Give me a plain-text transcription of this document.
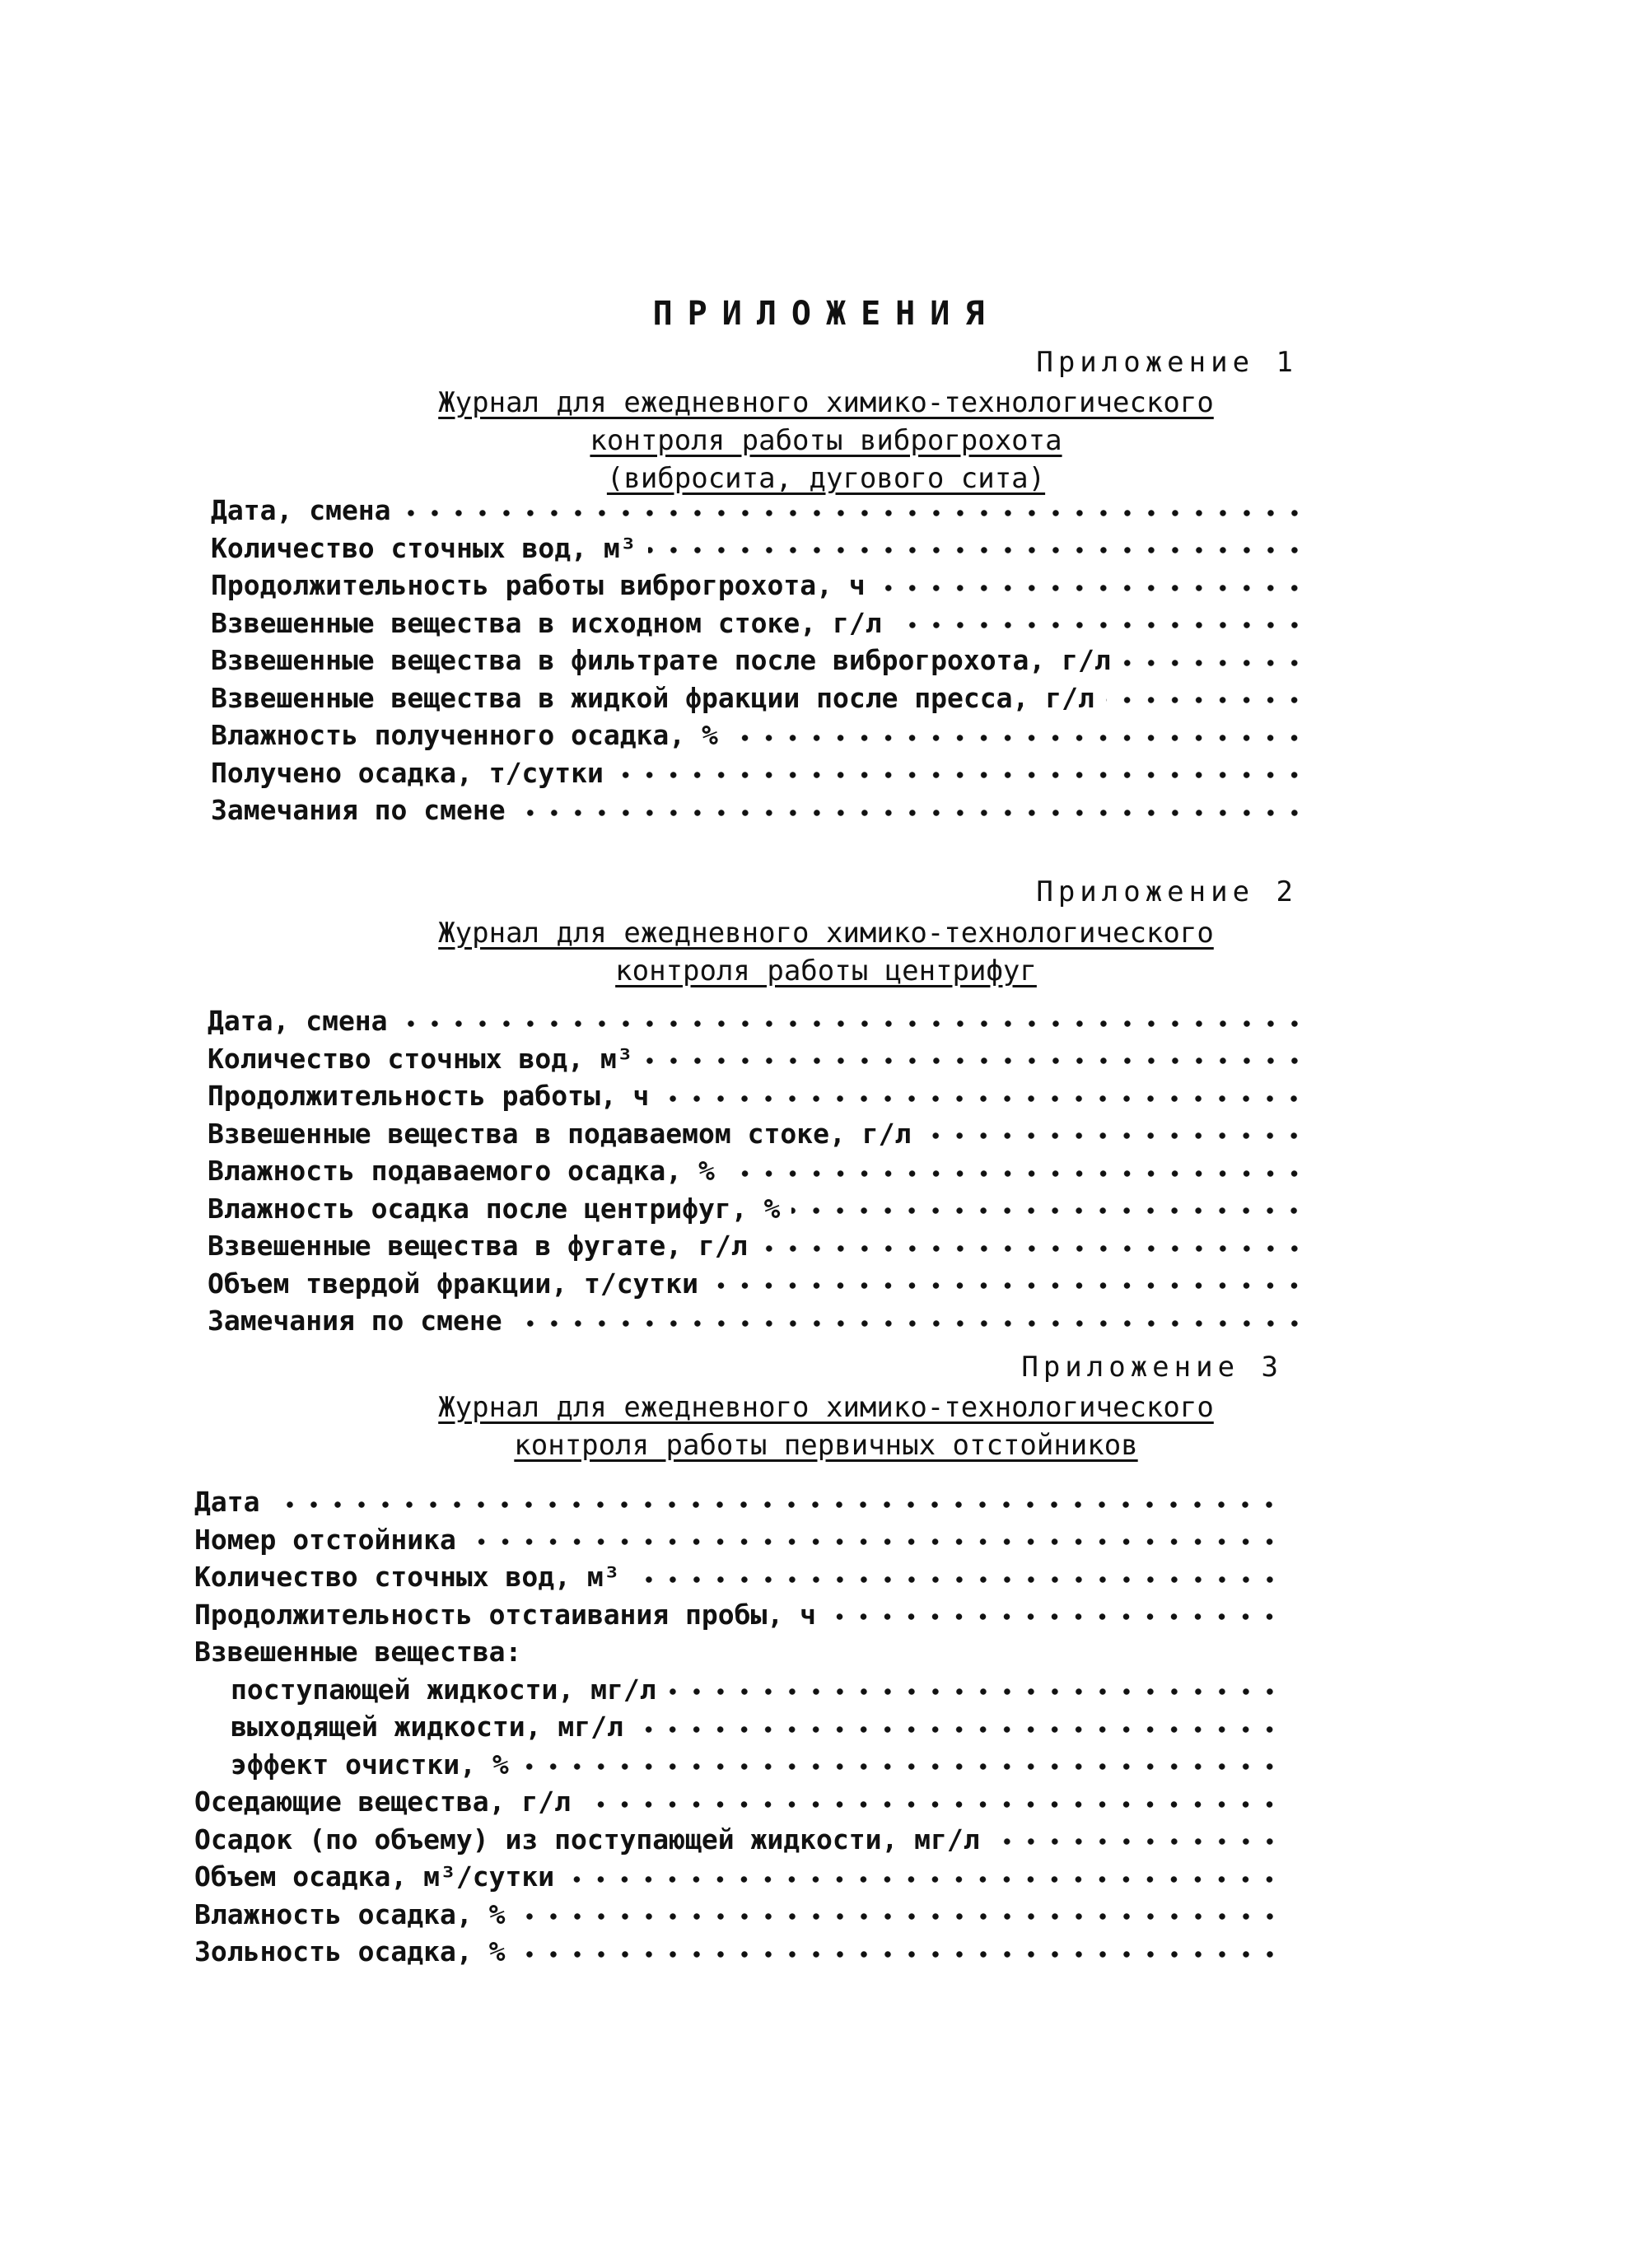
ПРИЛОЖЕНИЯ
Приложение 1
Журнал для ежедневного химико-технологического
контроля работы виброгрохота
(вибросита, дугового сита)
Дата, смена
Количество сточных вод, м³
Продолжительность работы виброгрохота, ч
Взвешенные вещества в исходном стоке, г/л
Взвешенные вещества в фильтрате после виброгрохота, г/л
Взвешенные вещества в жидкой фракции после пресса, г/л
Влажность полученного осадка, %
Получено осадка, т/сутки
Замечания по смене
Приложение 2
Журнал для ежедневного химико-технологического
контроля работы центрифуг
Дата, смена
Количество сточных вод, м³
Продолжительность работы, ч
Взвешенные вещества в подаваемом стоке, г/л
Влажность подаваемого осадка, %
Влажность осадка после центрифуг, %
Взвешенные вещества в фугате, г/л
Объем твердой фракции, т/сутки
Замечания по смене
Приложение 3
Журнал для ежедневного химико-технологического
контроля работы первичных отстойников
Дата
Номер отстойника
Количество сточных вод, м³
Продолжительность отстаивания пробы, ч
Взвешенные вещества:
поступающей жидкости, мг/л
выходящей жидкости, мг/л
эффект очистки, %
Оседающие вещества, г/л
Осадок (по объему) из поступающей жидкости, мг/л
Объем осадка, м³/сутки
Влажность осадка, %
Зольность осадка, %
